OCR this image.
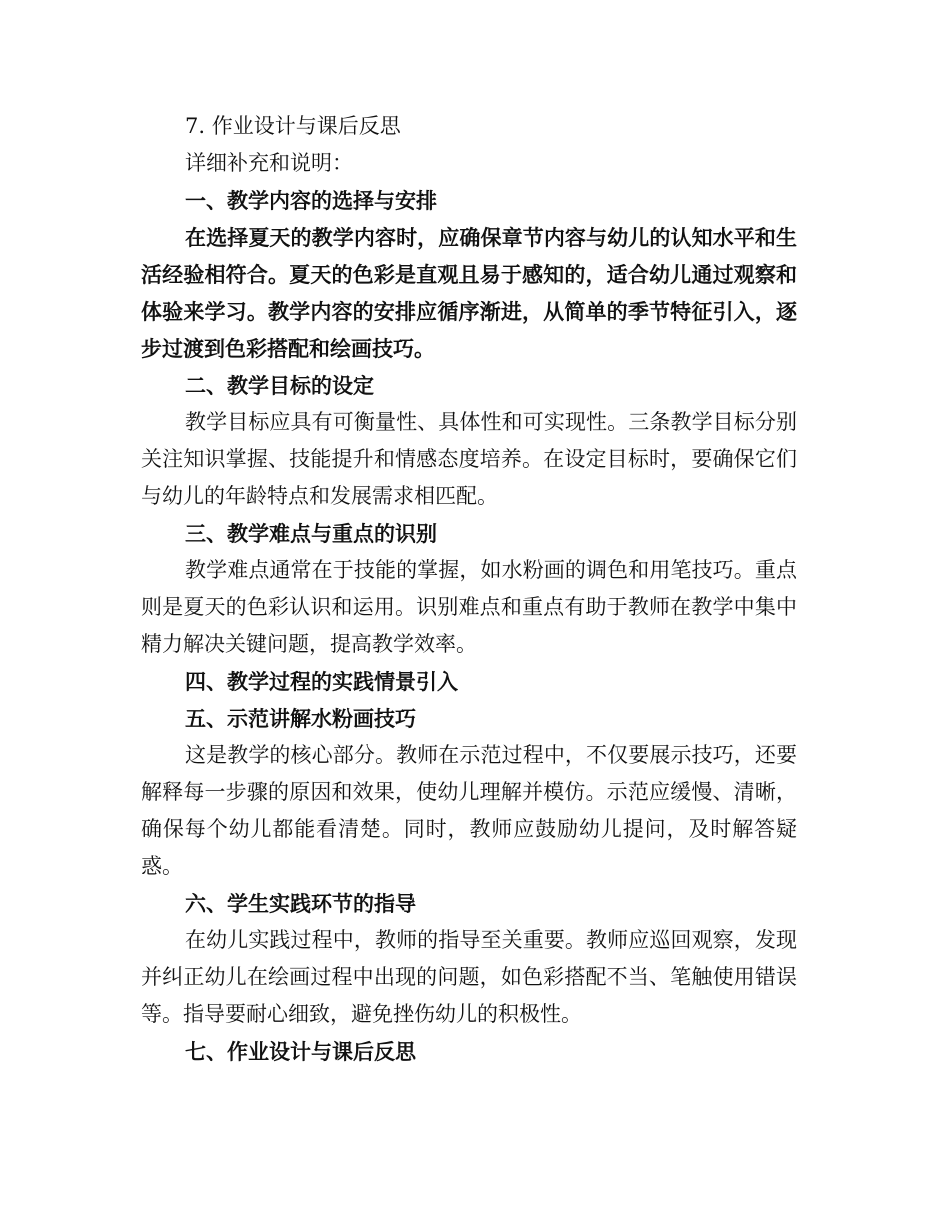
7. 作业设计与课后反思

详细补充和说明：

一、教学内容的选择与安排

在选择夏天的教学内容时，应确保章节内容与幼儿的认知水平和生活经验相符合。夏天的色彩是直观且易于感知的，适合幼儿通过观察和体验来学习。教学内容的安排应循序渐进，从简单的季节特征引入，逐步过渡到色彩搭配和绘画技巧。

二、教学目标的设定

教学目标应具有可衡量性、具体性和可实现性。三条教学目标分别关注知识掌握、技能提升和情感态度培养。在设定目标时，要确保它们与幼儿的年龄特点和发展需求相匹配。

三、教学难点与重点的识别

教学难点通常在于技能的掌握，如水粉画的调色和用笔技巧。重点则是夏天的色彩认识和运用。识别难点和重点有助于教师在教学中集中精力解决关键问题，提高教学效率。

四、教学过程的实践情景引入

五、示范讲解水粉画技巧

这是教学的核心部分。教师在示范过程中，不仅要展示技巧，还要解释每一步骤的原因和效果，使幼儿理解并模仿。示范应缓慢、清晰，确保每个幼儿都能看清楚。同时，教师应鼓励幼儿提问，及时解答疑惑。

六、学生实践环节的指导

在幼儿实践过程中，教师的指导至关重要。教师应巡回观察，发现并纠正幼儿在绘画过程中出现的问题，如色彩搭配不当、笔触使用错误等。指导要耐心细致，避免挫伤幼儿的积极性。

七、作业设计与课后反思
